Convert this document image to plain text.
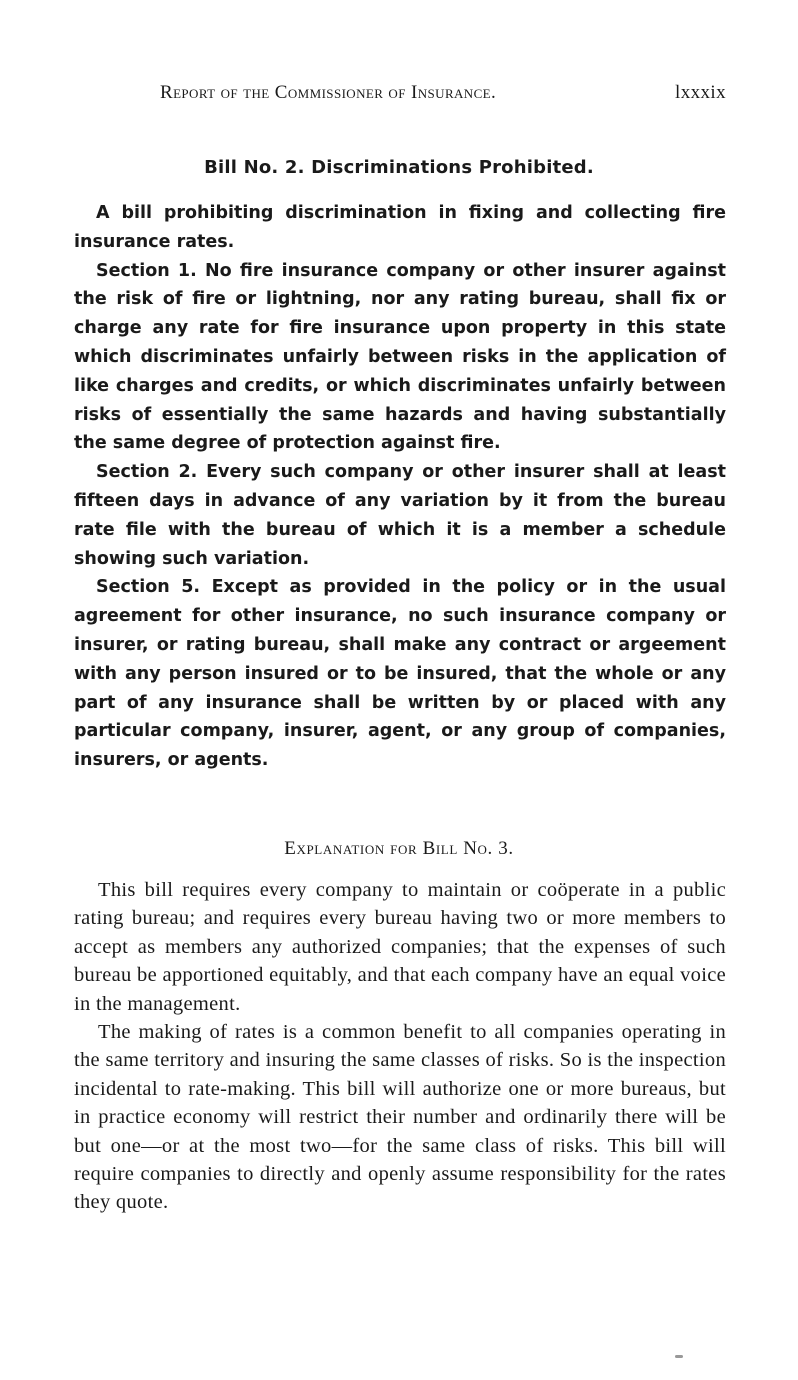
Report of the Commissioner of Insurance.	lxxxix
Bill No. 2. Discriminations Prohibited.

A bill prohibiting discrimination in fixing and collecting fire insurance rates.

Section 1. No fire insurance company or other insurer against the risk of fire or lightning, nor any rating bureau, shall fix or charge any rate for fire insurance upon property in this state which discriminates unfairly between risks in the application of like charges and credits, or which discriminates unfairly between risks of essentially the same hazards and having substantially the same degree of protection against fire.

Section 2. Every such company or other insurer shall at least fifteen days in advance of any variation by it from the bureau rate file with the bureau of which it is a member a schedule showing such variation.

Section 5. Except as provided in the policy or in the usual agreement for other insurance, no such insurance company or insurer, or rating bureau, shall make any contract or argeement with any person insured or to be insured, that the whole or any part of any insurance shall be written by or placed with any particular company, insurer, agent, or any group of companies, insurers, or agents.

Explanation for Bill No. 3.

This bill requires every company to maintain or coöperate in a public rating bureau; and requires every bureau having two or more members to accept as members any authorized companies; that the expenses of such bureau be apportioned equitably, and that each company have an equal voice in the management.

The making of rates is a common benefit to all companies operating in the same territory and insuring the same classes of risks. So is the inspection incidental to rate-making. This bill will authorize one or more bureaus, but in practice economy will restrict their number and ordinarily there will be but one—or at the most two—for the same class of risks. This bill will require companies to directly and openly assume responsibility for the rates they quote.
